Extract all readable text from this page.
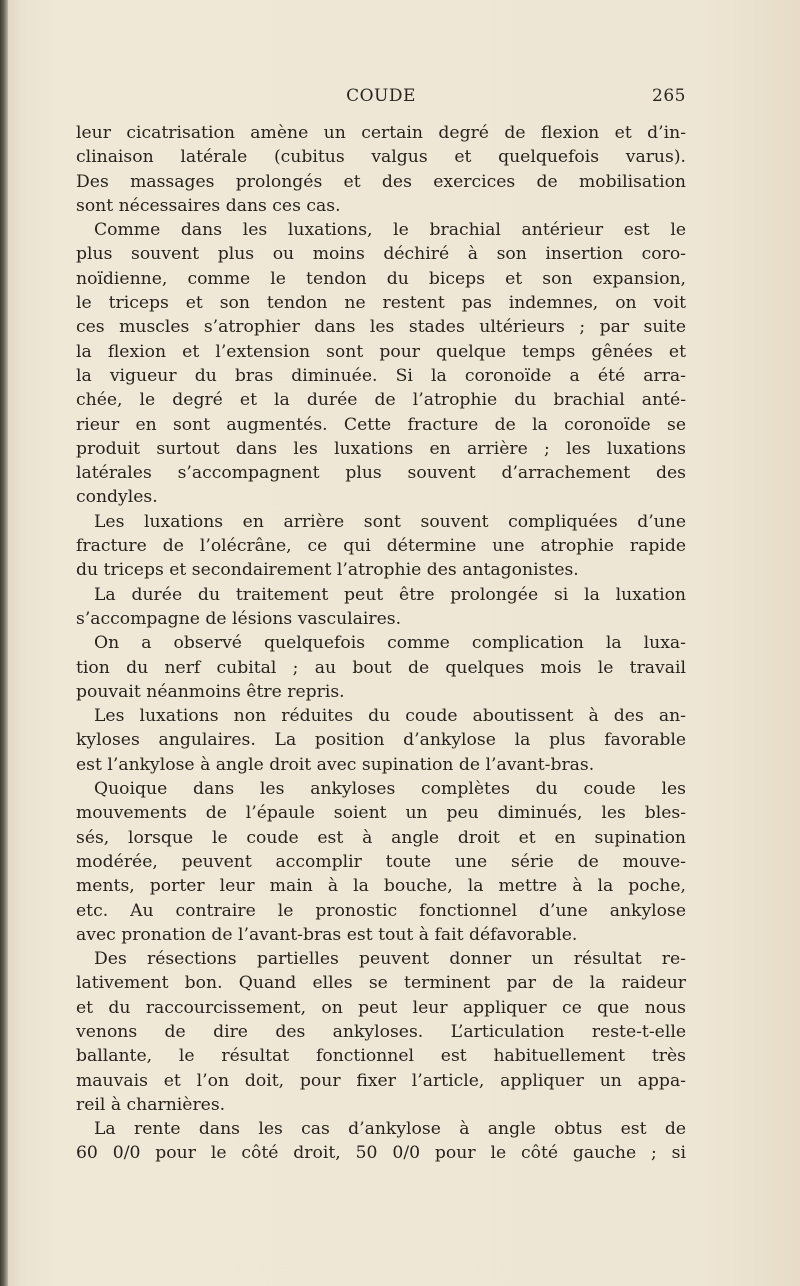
COUDE	265
leur cicatrisation amène un certain degré de flexion et d’in-
clinaison latérale (cubitus valgus et quelquefois varus).
Des massages prolongés et des exercices de mobilisation
sont nécessaires dans ces cas.
Comme dans les luxations, le brachial antérieur est le
plus souvent plus ou moins déchiré à son insertion coro-
noïdienne, comme le tendon du biceps et son expansion,
le triceps et son tendon ne restent pas indemnes, on voit
ces muscles s’atrophier dans les stades ultérieurs ; par suite
la flexion et l’extension sont pour quelque temps gênées et
la vigueur du bras diminuée. Si la coronoïde a été arra-
chée, le degré et la durée de l’atrophie du brachial anté-
rieur en sont augmentés. Cette fracture de la coronoïde se
produit surtout dans les luxations en arrière ; les luxations
latérales s’accompagnent plus souvent d’arrachement des
condyles.
Les luxations en arrière sont souvent compliquées d’une
fracture de l’olécrâne, ce qui détermine une atrophie rapide
du triceps et secondairement l’atrophie des antagonistes.
La durée du traitement peut être prolongée si la luxation
s’accompagne de lésions vasculaires.
On a observé quelquefois comme complication la luxa-
tion du nerf cubital ; au bout de quelques mois le travail
pouvait néanmoins être repris.
Les luxations non réduites du coude aboutissent à des an-
kyloses angulaires. La position d’ankylose la plus favorable
est l’ankylose à angle droit avec supination de l’avant-bras.
Quoique dans les ankyloses complètes du coude les
mouvements de l’épaule soient un peu diminués, les bles-
sés, lorsque le coude est à angle droit et en supination
modérée, peuvent accomplir toute une série de mouve-
ments, porter leur main à la bouche, la mettre à la poche,
etc. Au contraire le pronostic fonctionnel d’une ankylose
avec pronation de l’avant-bras est tout à fait défavorable.
Des résections partielles peuvent donner un résultat re-
lativement bon. Quand elles se terminent par de la raideur
et du raccourcissement, on peut leur appliquer ce que nous
venons de dire des ankyloses. L’articulation reste-t-elle
ballante, le résultat fonctionnel est habituellement très
mauvais et l’on doit, pour fixer l’article, appliquer un appa-
reil à charnières.
La rente dans les cas d’ankylose à angle obtus est de
60 0/0 pour le côté droit, 50 0/0 pour le côté gauche ; si
